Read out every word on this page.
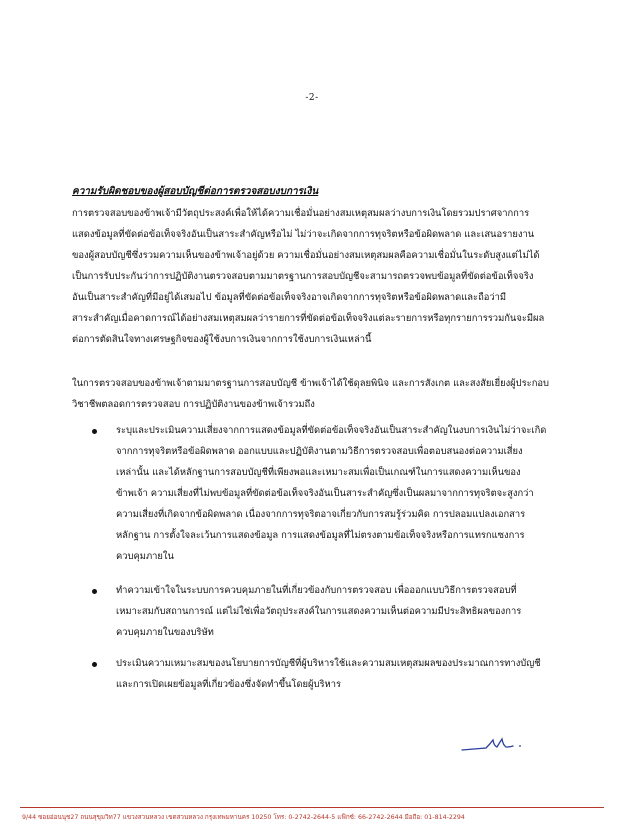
-2-
ความรับผิดชอบของผู้สอบบัญชีต่อการตรวจสอบงบการเงิน
การตรวจสอบของข้าพเจ้ามีวัตถุประสงค์เพื่อให้ได้ความเชื่อมั่นอย่างสมเหตุสมผลว่างบการเงินโดยรวมปราศจากการ
แสดงข้อมูลที่ขัดต่อข้อเท็จจริงอันเป็นสาระสำคัญหรือไม่ ไม่ว่าจะเกิดจากการทุจริตหรือข้อผิดพลาด และเสนอรายงาน
ของผู้สอบบัญชีซึ่งรวมความเห็นของข้าพเจ้าอยู่ด้วย ความเชื่อมั่นอย่างสมเหตุสมผลคือความเชื่อมั่นในระดับสูงแต่ไม่ได้
เป็นการรับประกันว่าการปฏิบัติงานตรวจสอบตามมาตรฐานการสอบบัญชีจะสามารถตรวจพบข้อมูลที่ขัดต่อข้อเท็จจริง
อันเป็นสาระสำคัญที่มีอยู่ได้เสมอไป ข้อมูลที่ขัดต่อข้อเท็จจริงอาจเกิดจากการทุจริตหรือข้อผิดพลาดและถือว่ามี
สาระสำคัญเมื่อคาดการณ์ได้อย่างสมเหตุสมผลว่ารายการที่ขัดต่อข้อเท็จจริงแต่ละรายการหรือทุกรายการรวมกันจะมีผล
ต่อการตัดสินใจทางเศรษฐกิจของผู้ใช้งบการเงินจากการใช้งบการเงินเหล่านี้
ในการตรวจสอบของข้าพเจ้าตามมาตรฐานการสอบบัญชี ข้าพเจ้าได้ใช้ดุลยพินิจ และการสังเกต และสงสัยเยี่ยงผู้ประกอบ
วิชาชีพตลอดการตรวจสอบ การปฏิบัติงานของข้าพเจ้ารวมถึง
ระบุและประเมินความเสี่ยงจากการแสดงข้อมูลที่ขัดต่อข้อเท็จจริงอันเป็นสาระสำคัญในงบการเงินไม่ว่าจะเกิด
จากการทุจริตหรือข้อผิดพลาด ออกแบบและปฏิบัติงานตามวิธีการตรวจสอบเพื่อตอบสนองต่อความเสี่ยง
เหล่านั้น และได้หลักฐานการสอบบัญชีที่เพียงพอและเหมาะสมเพื่อเป็นเกณฑ์ในการแสดงความเห็นของ
ข้าพเจ้า ความเสี่ยงที่ไม่พบข้อมูลที่ขัดต่อข้อเท็จจริงอันเป็นสาระสำคัญซึ่งเป็นผลมาจากการทุจริตจะสูงกว่า
ความเสี่ยงที่เกิดจากข้อผิดพลาด เนื่องจากการทุจริตอาจเกี่ยวกับการสมรู้ร่วมคิด การปลอมแปลงเอกสาร
หลักฐาน การตั้งใจละเว้นการแสดงข้อมูล การแสดงข้อมูลที่ไม่ตรงตามข้อเท็จจริงหรือการแทรกแซงการ
ควบคุมภายใน
ทำความเข้าใจในระบบการควบคุมภายในที่เกี่ยวข้องกับการตรวจสอบ เพื่อออกแบบวิธีการตรวจสอบที่
เหมาะสมกับสถานการณ์ แต่ไม่ใช่เพื่อวัตถุประสงค์ในการแสดงความเห็นต่อความมีประสิทธิผลของการ
ควบคุมภายในของบริษัท
ประเมินความเหมาะสมของนโยบายการบัญชีที่ผู้บริหารใช้และความสมเหตุสมผลของประมาณการทางบัญชี
และการเปิดเผยข้อมูลที่เกี่ยวข้องซึ่งจัดทำขึ้นโดยผู้บริหาร
9/44 ซอยอ่อนนุช27 ถนนสุขุมวิท77 แขวงสวนหลวง เขตสวนหลวง กรุงเทพมหานคร 10250 โทร: 0-2742-2644-5 แฟ็กซ์: 66-2742-2644 มือถือ: 01-814-2294
